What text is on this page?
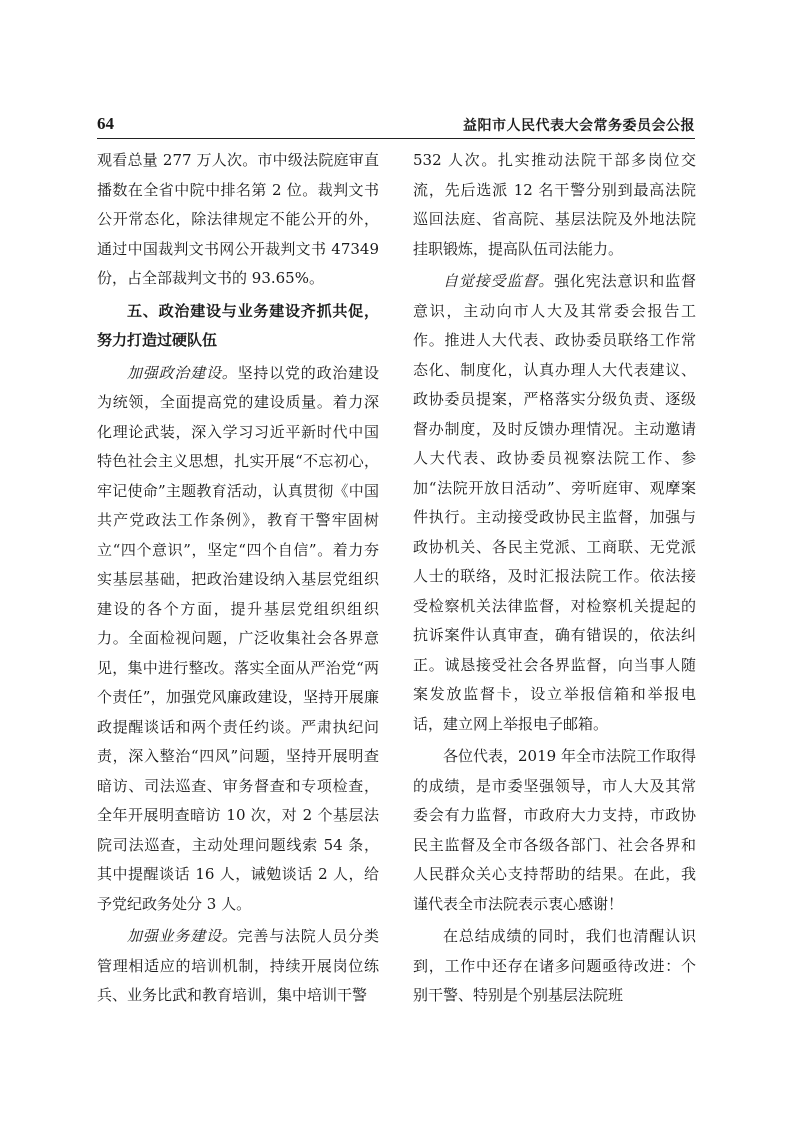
64	益阳市人民代表大会常务委员会公报

观看总量 277 万人次。市中级法院庭审直播数在全省中院中排名第 2 位。裁判文书公开常态化，除法律规定不能公开的外，通过中国裁判文书网公开裁判文书 47349 份，占全部裁判文书的 93.65%。

五、政治建设与业务建设齐抓共促，努力打造过硬队伍

加强政治建设。坚持以党的政治建设为统领，全面提高党的建设质量。着力深化理论武装，深入学习习近平新时代中国特色社会主义思想，扎实开展“不忘初心，牢记使命”主题教育活动，认真贯彻《中国共产党政法工作条例》，教育干警牢固树立“四个意识”，坚定“四个自信”。着力夯实基层基础，把政治建设纳入基层党组织建设的各个方面，提升基层党组织组织力。全面检视问题，广泛收集社会各界意见，集中进行整改。落实全面从严治党“两个责任”，加强党风廉政建设，坚持开展廉政提醒谈话和两个责任约谈。严肃执纪问责，深入整治“四风”问题，坚持开展明查暗访、司法巡查、审务督查和专项检查，全年开展明查暗访 10 次，对 2 个基层法院司法巡查，主动处理问题线索 54 条，其中提醒谈话 16 人，诫勉谈话 2 人，给予党纪政务处分 3 人。

加强业务建设。完善与法院人员分类管理相适应的培训机制，持续开展岗位练兵、业务比武和教育培训，集中培训干警

532 人次。扎实推动法院干部多岗位交流，先后选派 12 名干警分别到最高法院巡回法庭、省高院、基层法院及外地法院挂职锻炼，提高队伍司法能力。

自觉接受监督。强化宪法意识和监督意识，主动向市人大及其常委会报告工作。推进人大代表、政协委员联络工作常态化、制度化，认真办理人大代表建议、政协委员提案，严格落实分级负责、逐级督办制度，及时反馈办理情况。主动邀请人大代表、政协委员视察法院工作、参加“法院开放日活动”、旁听庭审、观摩案件执行。主动接受政协民主监督，加强与政协机关、各民主党派、工商联、无党派人士的联络，及时汇报法院工作。依法接受检察机关法律监督，对检察机关提起的抗诉案件认真审查，确有错误的，依法纠正。诚恳接受社会各界监督，向当事人随案发放监督卡，设立举报信箱和举报电话，建立网上举报电子邮箱。

各位代表，2019 年全市法院工作取得的成绩，是市委坚强领导，市人大及其常委会有力监督，市政府大力支持，市政协民主监督及全市各级各部门、社会各界和人民群众关心支持帮助的结果。在此，我谨代表全市法院表示衷心感谢！

在总结成绩的同时，我们也清醒认识到，工作中还存在诸多问题亟待改进：个别干警、特别是个别基层法院班
